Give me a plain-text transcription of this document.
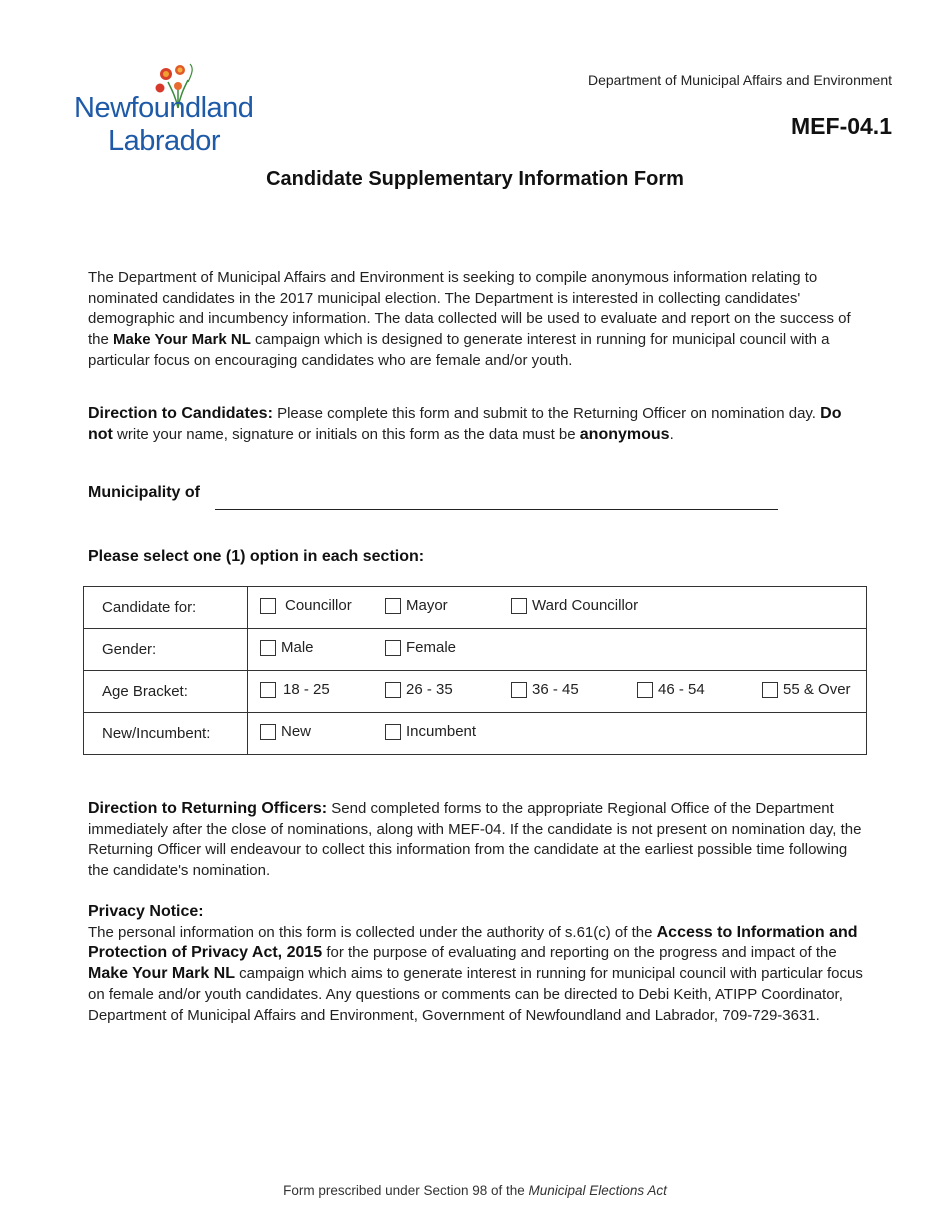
Newfoundland
Labrador
Department of Municipal Affairs and Environment
MEF-04.1
Candidate Supplementary Information Form
The Department of Municipal Affairs and Environment is seeking to compile anonymous information relating to nominated candidates in the 2017 municipal election. The Department is interested in collecting candidates' demographic and incumbency information. The data collected will be used to evaluate and report on the success of the Make Your Mark NL campaign which is designed to generate interest in running for municipal council with a particular focus on encouraging candidates who are female and/or youth.
Direction to Candidates: Please complete this form and submit to the Returning Officer on nomination day. Do not write your name, signature or initials on this form as the data must be anonymous.
Municipality of
Please select one (1) option in each section:
Candidate for:	Councillor Mayor Ward Councillor

Gender:	Male Female

Age Bracket:	18 - 25 26 - 35 36 - 45 46 - 54 55 & Over

New/Incumbent:	New Incumbent
Direction to Returning Officers: Send completed forms to the appropriate Regional Office of the Department immediately after the close of nominations, along with MEF-04. If the candidate is not present on nomination day, the Returning Officer will endeavour to collect this information from the candidate at the earliest possible time following the candidate's nomination.
Privacy Notice:
The personal information on this form is collected under the authority of s.61(c) of the Access to Information and Protection of Privacy Act, 2015 for the purpose of evaluating and reporting on the progress and impact of the Make Your Mark NL campaign which aims to generate interest in running for municipal council with particular focus on female and/or youth candidates. Any questions or comments can be directed to Debi Keith, ATIPP Coordinator, Department of Municipal Affairs and Environment, Government of Newfoundland and Labrador, 709-729-3631.
Form prescribed under Section 98 of the Municipal Elections Act
